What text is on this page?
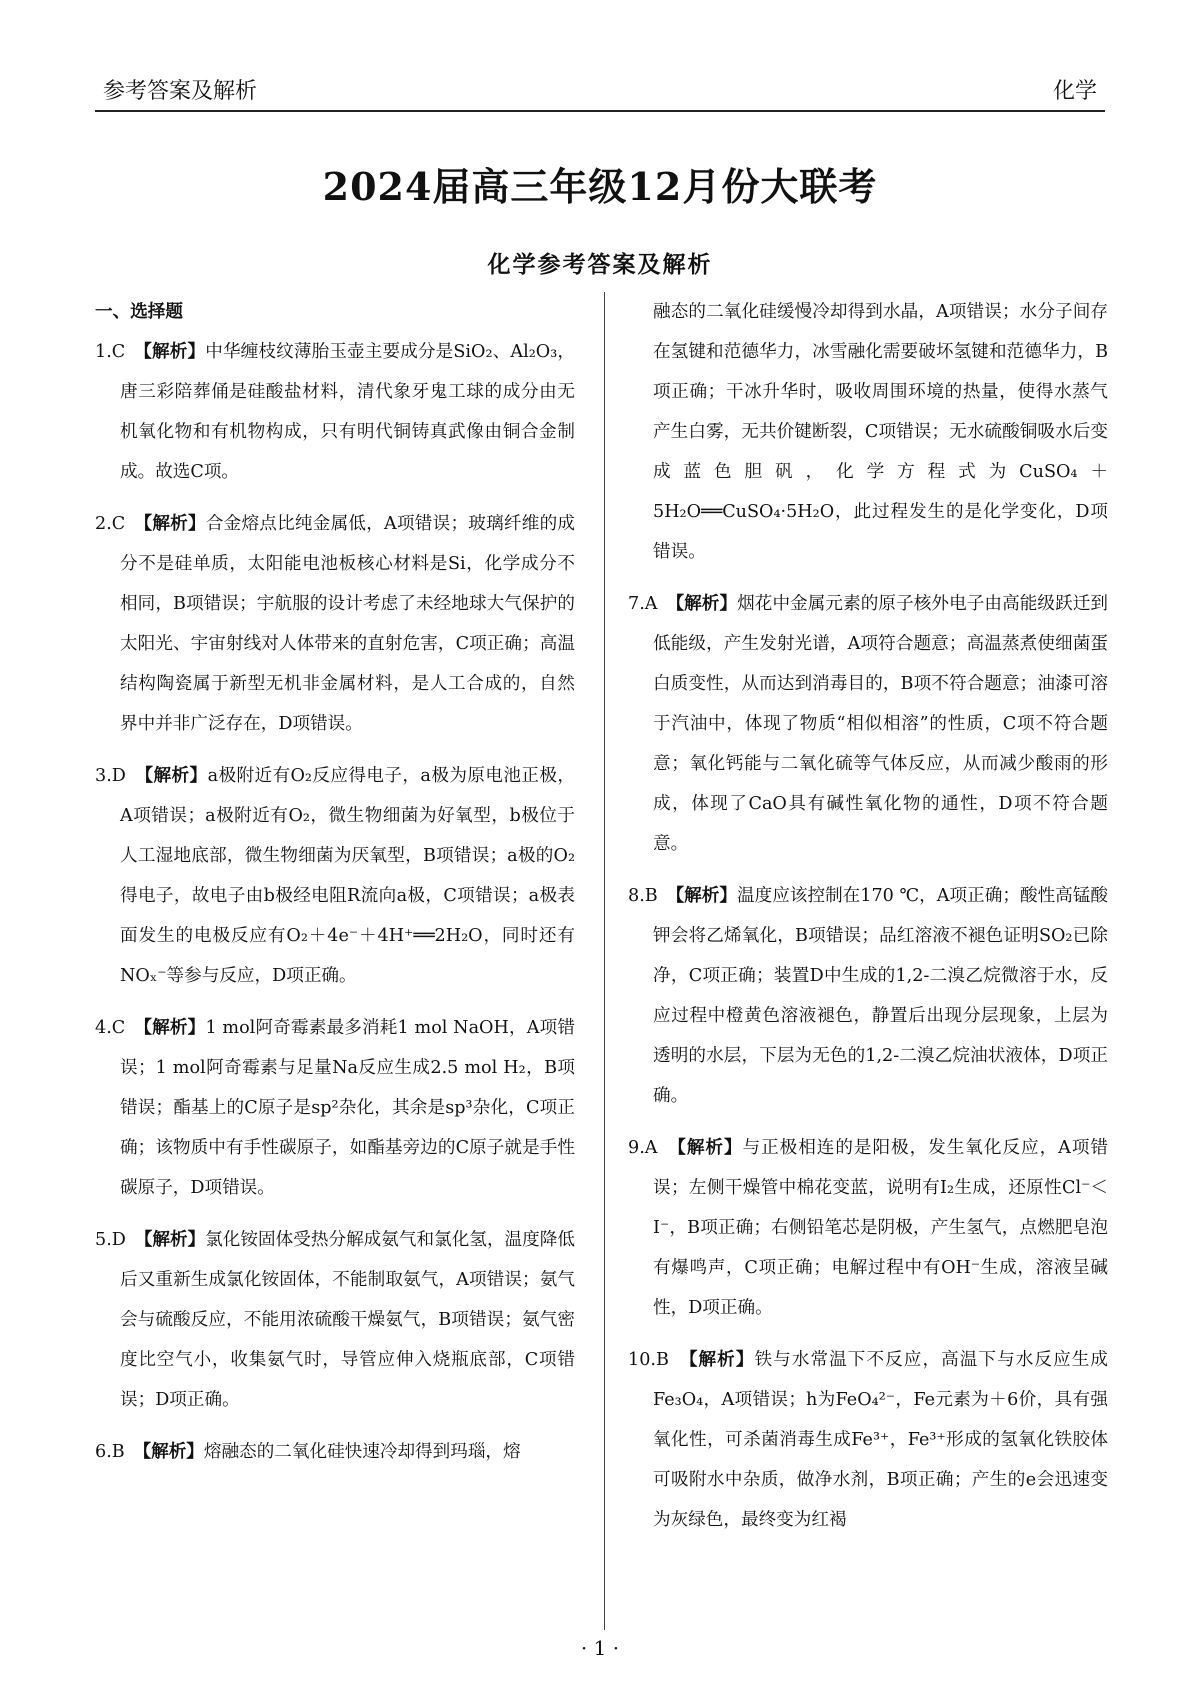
参考答案及解析	化学
2024届高三年级12月份大联考
化学参考答案及解析

一、选择题

1.C　 【解析】中华缠枝纹薄胎玉壶主要成分是SiO₂、Al₂O₃，唐三彩陪葬俑是硅酸盐材料，清代象牙鬼工球的成分由无机氧化物和有机物构成，只有明代铜铸真武像由铜合金制成。故选C项。

2.C　 【解析】合金熔点比纯金属低，A项错误；玻璃纤维的成分不是硅单质，太阳能电池板核心材料是Si，化学成分不相同，B项错误；宇航服的设计考虑了未经地球大气保护的太阳光、宇宙射线对人体带来的直射危害，C项正确；高温结构陶瓷属于新型无机非金属材料，是人工合成的，自然界中并非广泛存在，D项错误。

3.D　 【解析】a极附近有O₂反应得电子，a极为原电池正极，A项错误；a极附近有O₂，微生物细菌为好氧型，b极位于人工湿地底部，微生物细菌为厌氧型，B项错误；a极的O₂得电子，故电子由b极经电阻R流向a极，C项错误；a极表面发生的电极反应有O₂＋4e⁻＋4H⁺══2H₂O，同时还有NOₓ⁻等参与反应，D项正确。

4.C　 【解析】1 mol阿奇霉素最多消耗1 mol NaOH，A项错误；1 mol阿奇霉素与足量Na反应生成2.5 mol H₂，B项错误；酯基上的C原子是sp²杂化，其余是sp³杂化，C项正确；该物质中有手性碳原子，如酯基旁边的C原子就是手性碳原子，D项错误。

5.D　 【解析】氯化铵固体受热分解成氨气和氯化氢，温度降低后又重新生成氯化铵固体，不能制取氨气，A项错误；氨气会与硫酸反应，不能用浓硫酸干燥氨气，B项错误；氨气密度比空气小，收集氨气时，导管应伸入烧瓶底部，C项错误；D项正确。

6.B　 【解析】熔融态的二氧化硅快速冷却得到玛瑙，熔

融态的二氧化硅缓慢冷却得到水晶，A项错误；水分子间存在氢键和范德华力，冰雪融化需要破坏氢键和范德华力，B项正确；干冰升华时，吸收周围环境的热量，使得水蒸气产生白雾，无共价键断裂，C项错误；无水硫酸铜吸水后变成蓝色胆矾，化学方程式为CuSO₄＋5H₂O══CuSO₄·5H₂O，此过程发生的是化学变化，D项错误。

7.A　 【解析】烟花中金属元素的原子核外电子由高能级跃迁到低能级，产生发射光谱，A项符合题意；高温蒸煮使细菌蛋白质变性，从而达到消毒目的，B项不符合题意；油漆可溶于汽油中，体现了物质“相似相溶”的性质，C项不符合题意；氧化钙能与二氧化硫等气体反应，从而减少酸雨的形成，体现了CaO具有碱性氧化物的通性，D项不符合题意。

8.B　 【解析】温度应该控制在170 ℃，A项正确；酸性高锰酸钾会将乙烯氧化，B项错误；品红溶液不褪色证明SO₂已除净，C项正确；装置D中生成的1,2-二溴乙烷微溶于水，反应过程中橙黄色溶液褪色，静置后出现分层现象，上层为透明的水层，下层为无色的1,2-二溴乙烷油状液体，D项正确。

9.A　 【解析】与正极相连的是阳极，发生氧化反应，A项错误；左侧干燥管中棉花变蓝，说明有I₂生成，还原性Cl⁻＜I⁻，B项正确；右侧铅笔芯是阴极，产生氢气，点燃肥皂泡有爆鸣声，C项正确；电解过程中有OH⁻生成，溶液呈碱性，D项正确。

10.B　 【解析】铁与水常温下不反应，高温下与水反应生成Fe₃O₄，A项错误；h为FeO₄²⁻，Fe元素为＋6价，具有强氧化性，可杀菌消毒生成Fe³⁺，Fe³⁺形成的氢氧化铁胶体可吸附水中杂质，做净水剂，B项正确；产生的e会迅速变为灰绿色，最终变为红褐

· 1 ·
